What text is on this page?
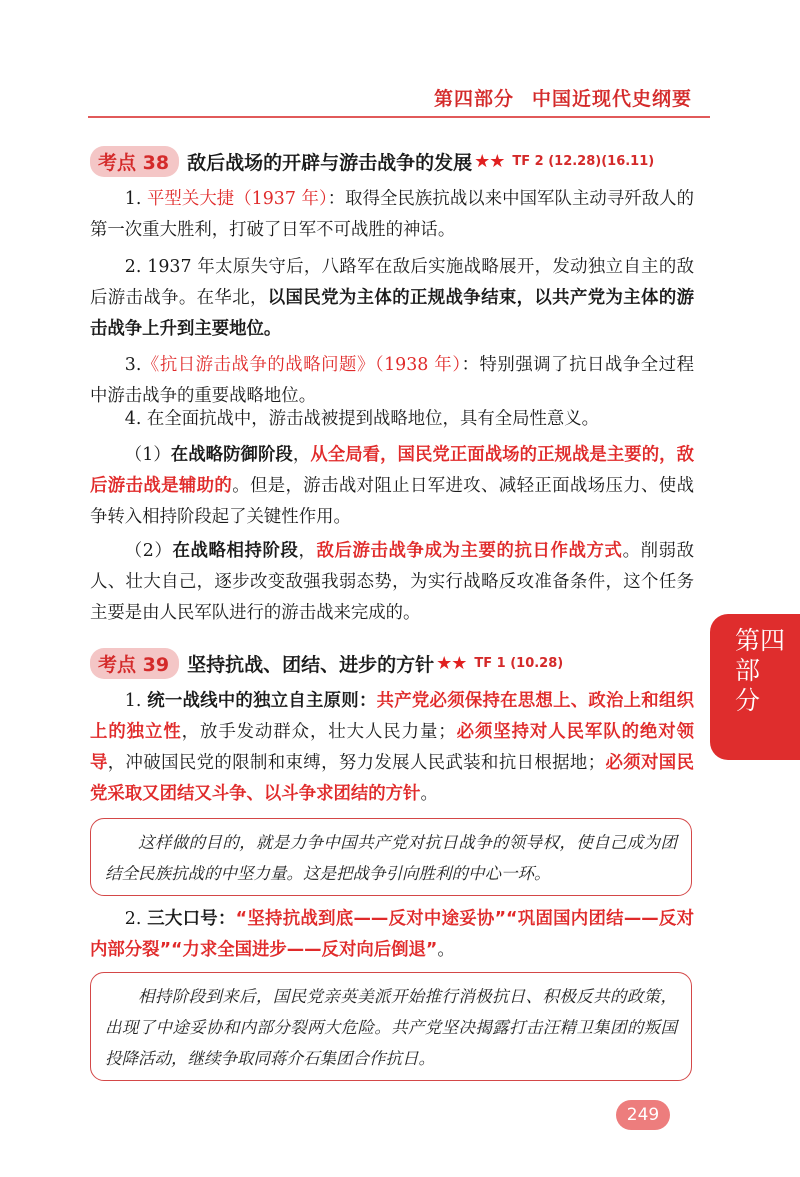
第四部分 中国近现代史纲要
考点 38 敌后战场的开辟与游击战争的发展 ★★ TF 2 (12.28)(16.11)
1. 平型关大捷（1937 年）：取得全民族抗战以来中国军队主动寻歼敌人的第一次重大胜利，打破了日军不可战胜的神话。
2. 1937 年太原失守后，八路军在敌后实施战略展开，发动独立自主的敌后游击战争。在华北，以国民党为主体的正规战争结束，以共产党为主体的游击战争上升到主要地位。
3.《抗日游击战争的战略问题》（1938 年）：特别强调了抗日战争全过程中游击战争的重要战略地位。
4. 在全面抗战中，游击战被提到战略地位，具有全局性意义。
（1）在战略防御阶段，从全局看，国民党正面战场的正规战是主要的，敌后游击战是辅助的。但是，游击战对阻止日军进攻、减轻正面战场压力、使战争转入相持阶段起了关键性作用。
（2）在战略相持阶段，敌后游击战争成为主要的抗日作战方式。削弱敌人、壮大自己，逐步改变敌强我弱态势，为实行战略反攻准备条件，这个任务主要是由人民军队进行的游击战来完成的。
考点 39 坚持抗战、团结、进步的方针 ★★ TF 1 (10.28)
1. 统一战线中的独立自主原则：共产党必须保持在思想上、政治上和组织上的独立性，放手发动群众，壮大人民力量；必须坚持对人民军队的绝对领导，冲破国民党的限制和束缚，努力发展人民武装和抗日根据地；必须对国民党采取又团结又斗争、以斗争求团结的方针。
这样做的目的，就是力争中国共产党对抗日战争的领导权，使自己成为团结全民族抗战的中坚力量。这是把战争引向胜利的中心一环。
2. 三大口号：“坚持抗战到底——反对中途妥协”“巩固国内团结——反对内部分裂”“力求全国进步——反对向后倒退”。
相持阶段到来后，国民党亲英美派开始推行消极抗日、积极反共的政策，出现了中途妥协和内部分裂两大危险。共产党坚决揭露打击汪精卫集团的叛国投降活动，继续争取同蒋介石集团合作抗日。
第四
部
分
249
